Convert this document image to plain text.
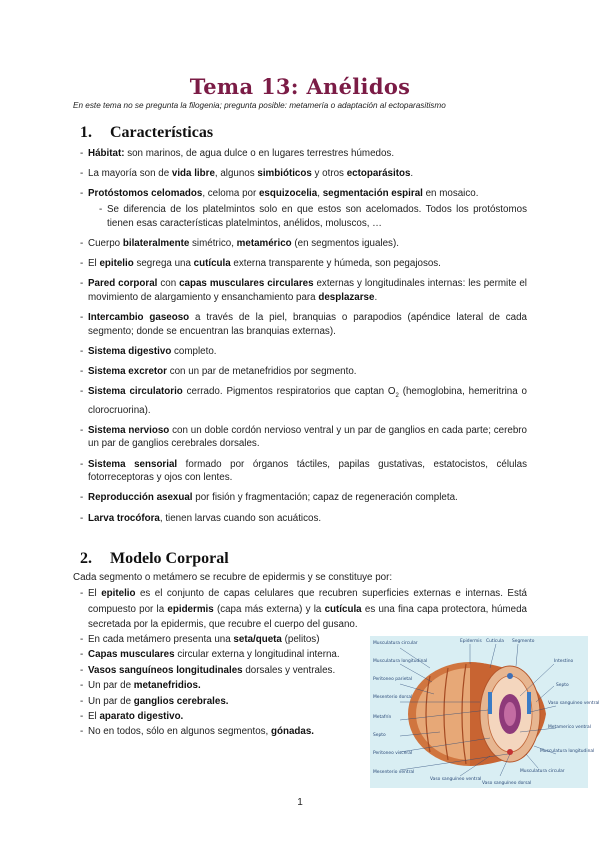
Tema 13: Anélidos
En este tema no se pregunta la filogenia; pregunta posible: metamería o adaptación al ectoparasitismo
1. Características
- Hábitat: son marinos, de agua dulce o en lugares terrestres húmedos.
- La mayoría son de vida libre, algunos simbióticos y otros ectoparásitos.
- Protóstomos celomados, celoma por esquizocelia, segmentación espiral en mosaico.
- Se diferencia de los platelmintos solo en que estos son acelomados. Todos los protóstomos tienen esas características platelmintos, anélidos, moluscos, …
- Cuerpo bilateralmente simétrico, metamérico (en segmentos iguales).
- El epitelio segrega una cutícula externa transparente y húmeda, son pegajosos.
- Pared corporal con capas musculares circulares externas y longitudinales internas: les permite el movimiento de alargamiento y ensanchamiento para desplazarse.
- Intercambio gaseoso a través de la piel, branquias o parapodios (apéndice lateral de cada segmento; donde se encuentran las branquias externas).
- Sistema digestivo completo.
- Sistema excretor con un par de metanefridios por segmento.
- Sistema circulatorio cerrado. Pigmentos respiratorios que captan $O_2$ (hemoglobina, hemeritrina o clorocruorina).
- Sistema nervioso con un doble cordón nervioso ventral y un par de ganglios en cada parte; cerebro un par de ganglios cerebrales dorsales.
- Sistema sensorial formado por órganos táctiles, papilas gustativas, estatocistos, células fotorreceptoras y ojos con lentes.
- Reproducción asexual por fisión y fragmentación; capaz de regeneración completa.
- Larva trocófora, tienen larvas cuando son acuáticos.
2. Modelo Corporal
Cada segmento o metámero se recubre de epidermis y se constituye por:
- El epitelio es el conjunto de capas celulares que recubren superficies externas e internas. Está compuesto por la epidermis (capa más externa) y la cutícula es una fina capa protectora, húmeda secretada por la epidermis, que recubre el cuerpo del gusano.
- En cada metámero presenta una seta/queta (pelitos)
- Capas musculares circular externa y longitudinal interna.
- Vasos sanguíneos longitudinales dorsales y ventrales.
- Un par de metanefridios.
- Un par de ganglios cerebrales.
- El aparato digestivo.
- No en todos, sólo en algunos segmentos, gónadas.
Musculatura circular	Epidermis Cutícula Segmento
Musculatura longitudinal
Peritoneo parietal
Mesenterio dorsal
Metafrín
Septo
Peritoneo visceral
Mesenterio ventral
Intestino
Septo
Vaso sanguíneo ventral
Metamerico ventral
Musculatura longitudinal
Vaso sanguíneo ventral
Vaso sanguíneo dorsal
Musculatura circular
1
